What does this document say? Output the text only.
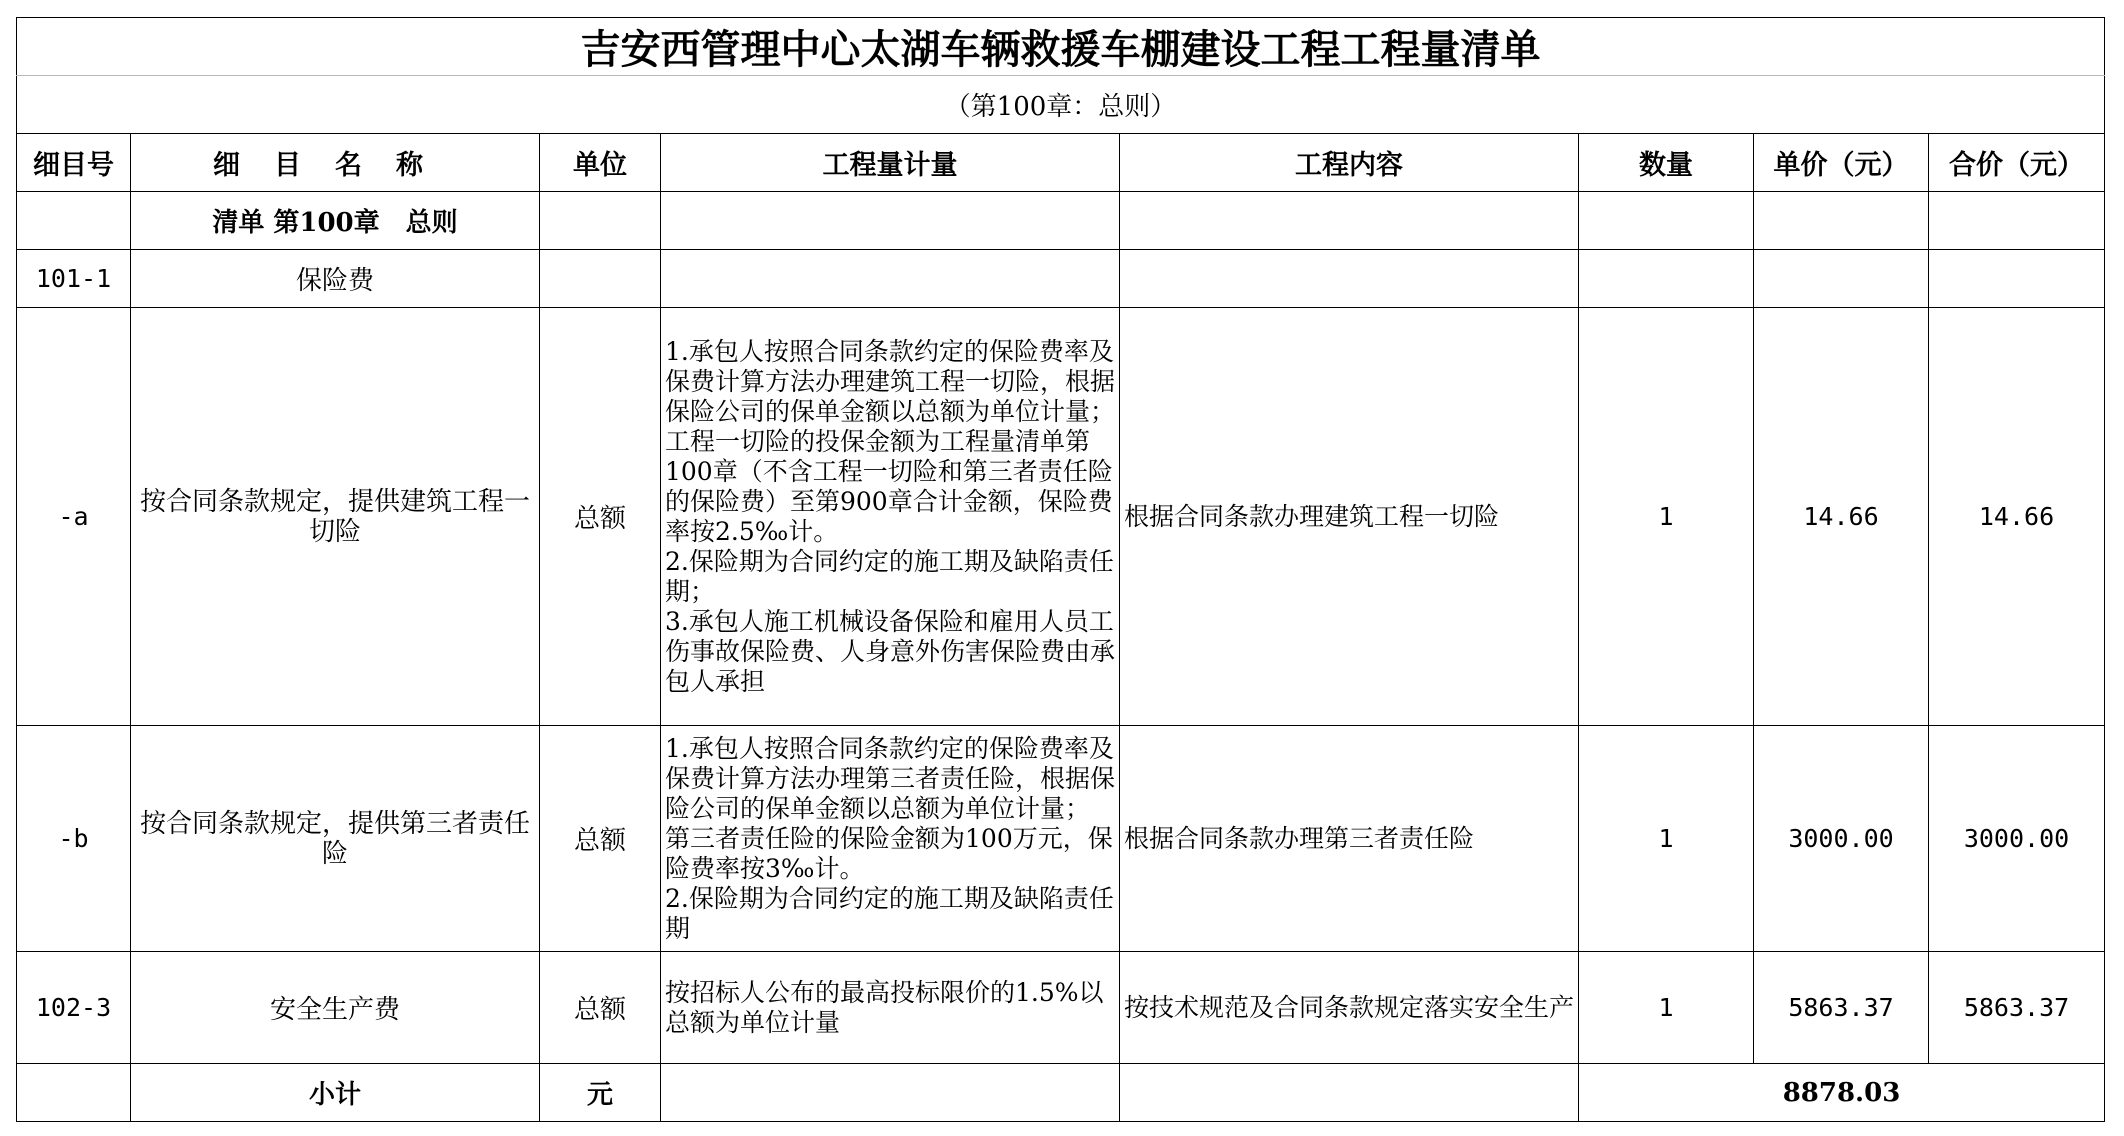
吉安西管理中心太湖车辆救援车棚建设工程工程量清单							
（第100章：总则）							
细目号	细目名称	单位	工程量计量	工程内容	数量	单价（元）	合价（元）
	清单 第100章　总则						
101-1	保险费						
-a	按合同条款规定，提供建筑工程一切险	总额	1.承包人按照合同条款约定的保险费率及保费计算方法办理建筑工程一切险，根据保险公司的保单金额以总额为单位计量；工程一切险的投保金额为工程量清单第100章（不含工程一切险和第三者责任险的保险费）至第900章合计金额，保险费率按2.5‰计。
2.保险期为合同约定的施工期及缺陷责任期；
3.承包人施工机械设备保险和雇用人员工伤事故保险费、人身意外伤害保险费由承包人承担	根据合同条款办理建筑工程一切险	1	14.66	14.66
-b	按合同条款规定，提供第三者责任险	总额	1.承包人按照合同条款约定的保险费率及保费计算方法办理第三者责任险，根据保险公司的保单金额以总额为单位计量；　　第三者责任险的保险金额为100万元，保险费率按3‰计。
2.保险期为合同约定的施工期及缺陷责任期	根据合同条款办理第三者责任险	1	3000.00	3000.00
102-3	安全生产费	总额	按招标人公布的最高投标限价的1.5%以总额为单位计量	按技术规范及合同条款规定落实安全生产	1	5863.37	5863.37
	小计	元			8878.03		
